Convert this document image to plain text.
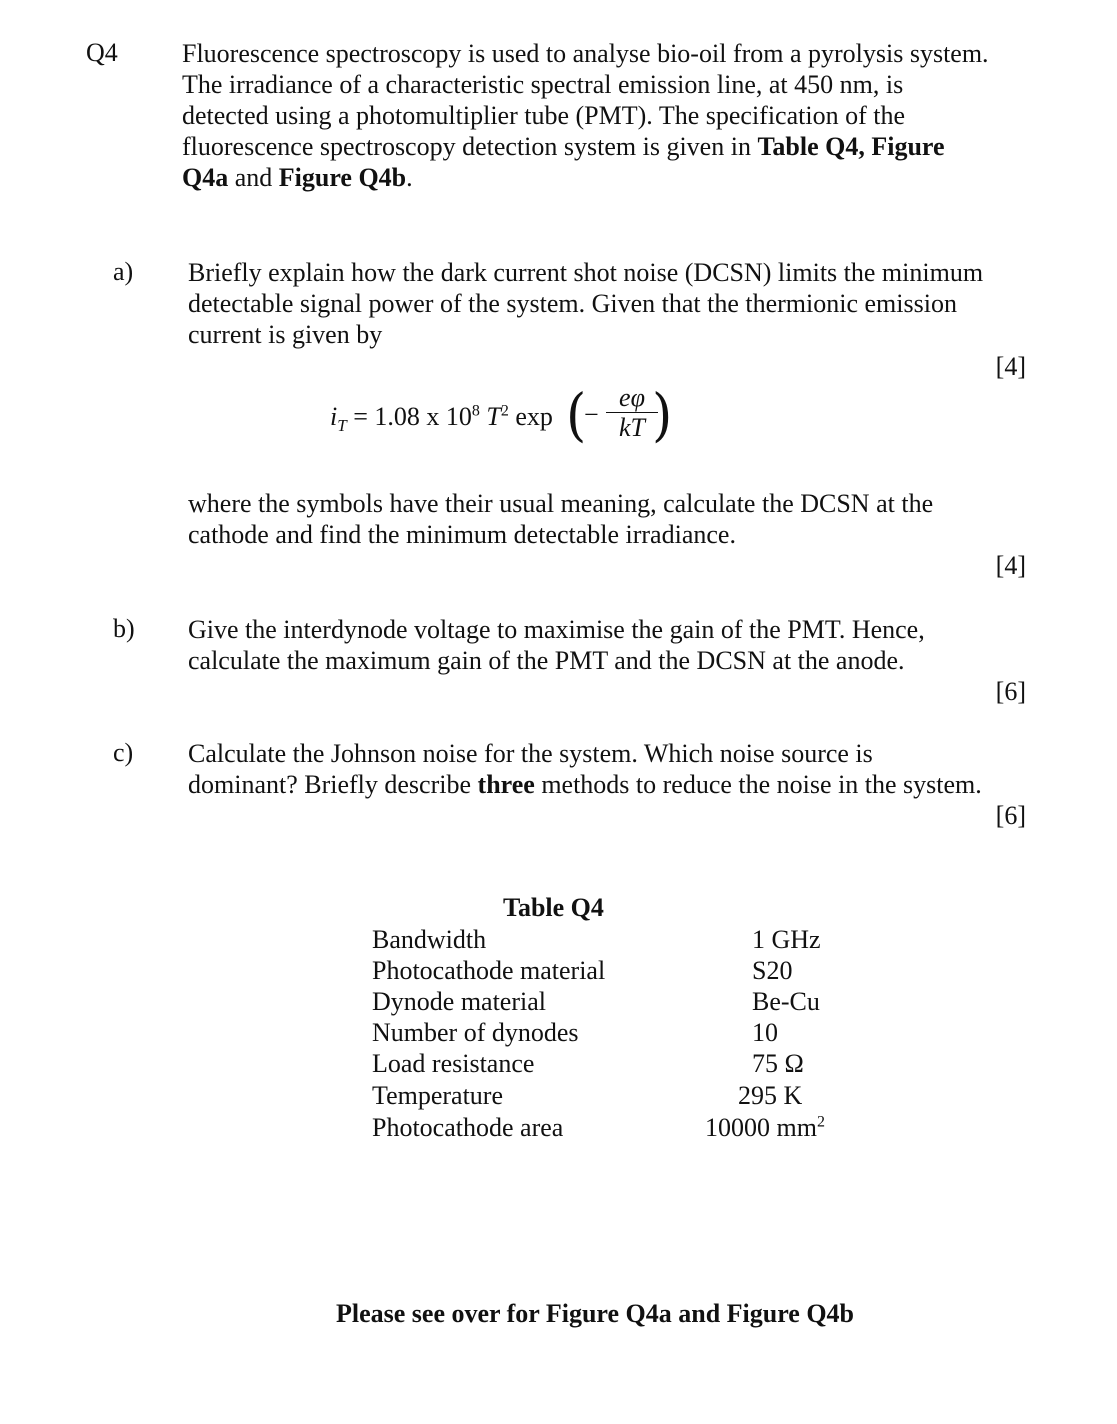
Q4 Fluorescence spectroscopy is used to analyse bio-oil from a pyrolysis system.

The irradiance of a characteristic spectral emission line, at 450 nm, is

detected using a photomultiplier tube (PMT). The specification of the

fluorescence spectroscopy detection system is given in Table Q4, Figure

Q4a and Figure Q4b.

a) Briefly explain how the dark current shot noise (DCSN) limits the minimum

detectable signal power of the system. Given that the thermionic emission

current is given by

[4]
$i_T = 1.08$ x $10^8$ $T^2$ exp (
− $\frac{e\varphi}{kT}$
)

where the symbols have their usual meaning, calculate the DCSN at the

cathode and find the minimum detectable irradiance.

[4]
b) Give the interdynode voltage to maximise the gain of the PMT. Hence,

calculate the maximum gain of the PMT and the DCSN at the anode.

[6]
c) Calculate the Johnson noise for the system. Which noise source is

dominant? Briefly describe three methods to reduce the noise in the system.

[6]
Table Q4
Bandwidth	1 GHz
Photocathode material	S20
Dynode material	Be-Cu
Number of dynodes	10
Load resistance	75 Ω
Temperature	295 K
Photocathode area	10000 $mm^2$
Please see over for Figure Q4a and Figure Q4b
